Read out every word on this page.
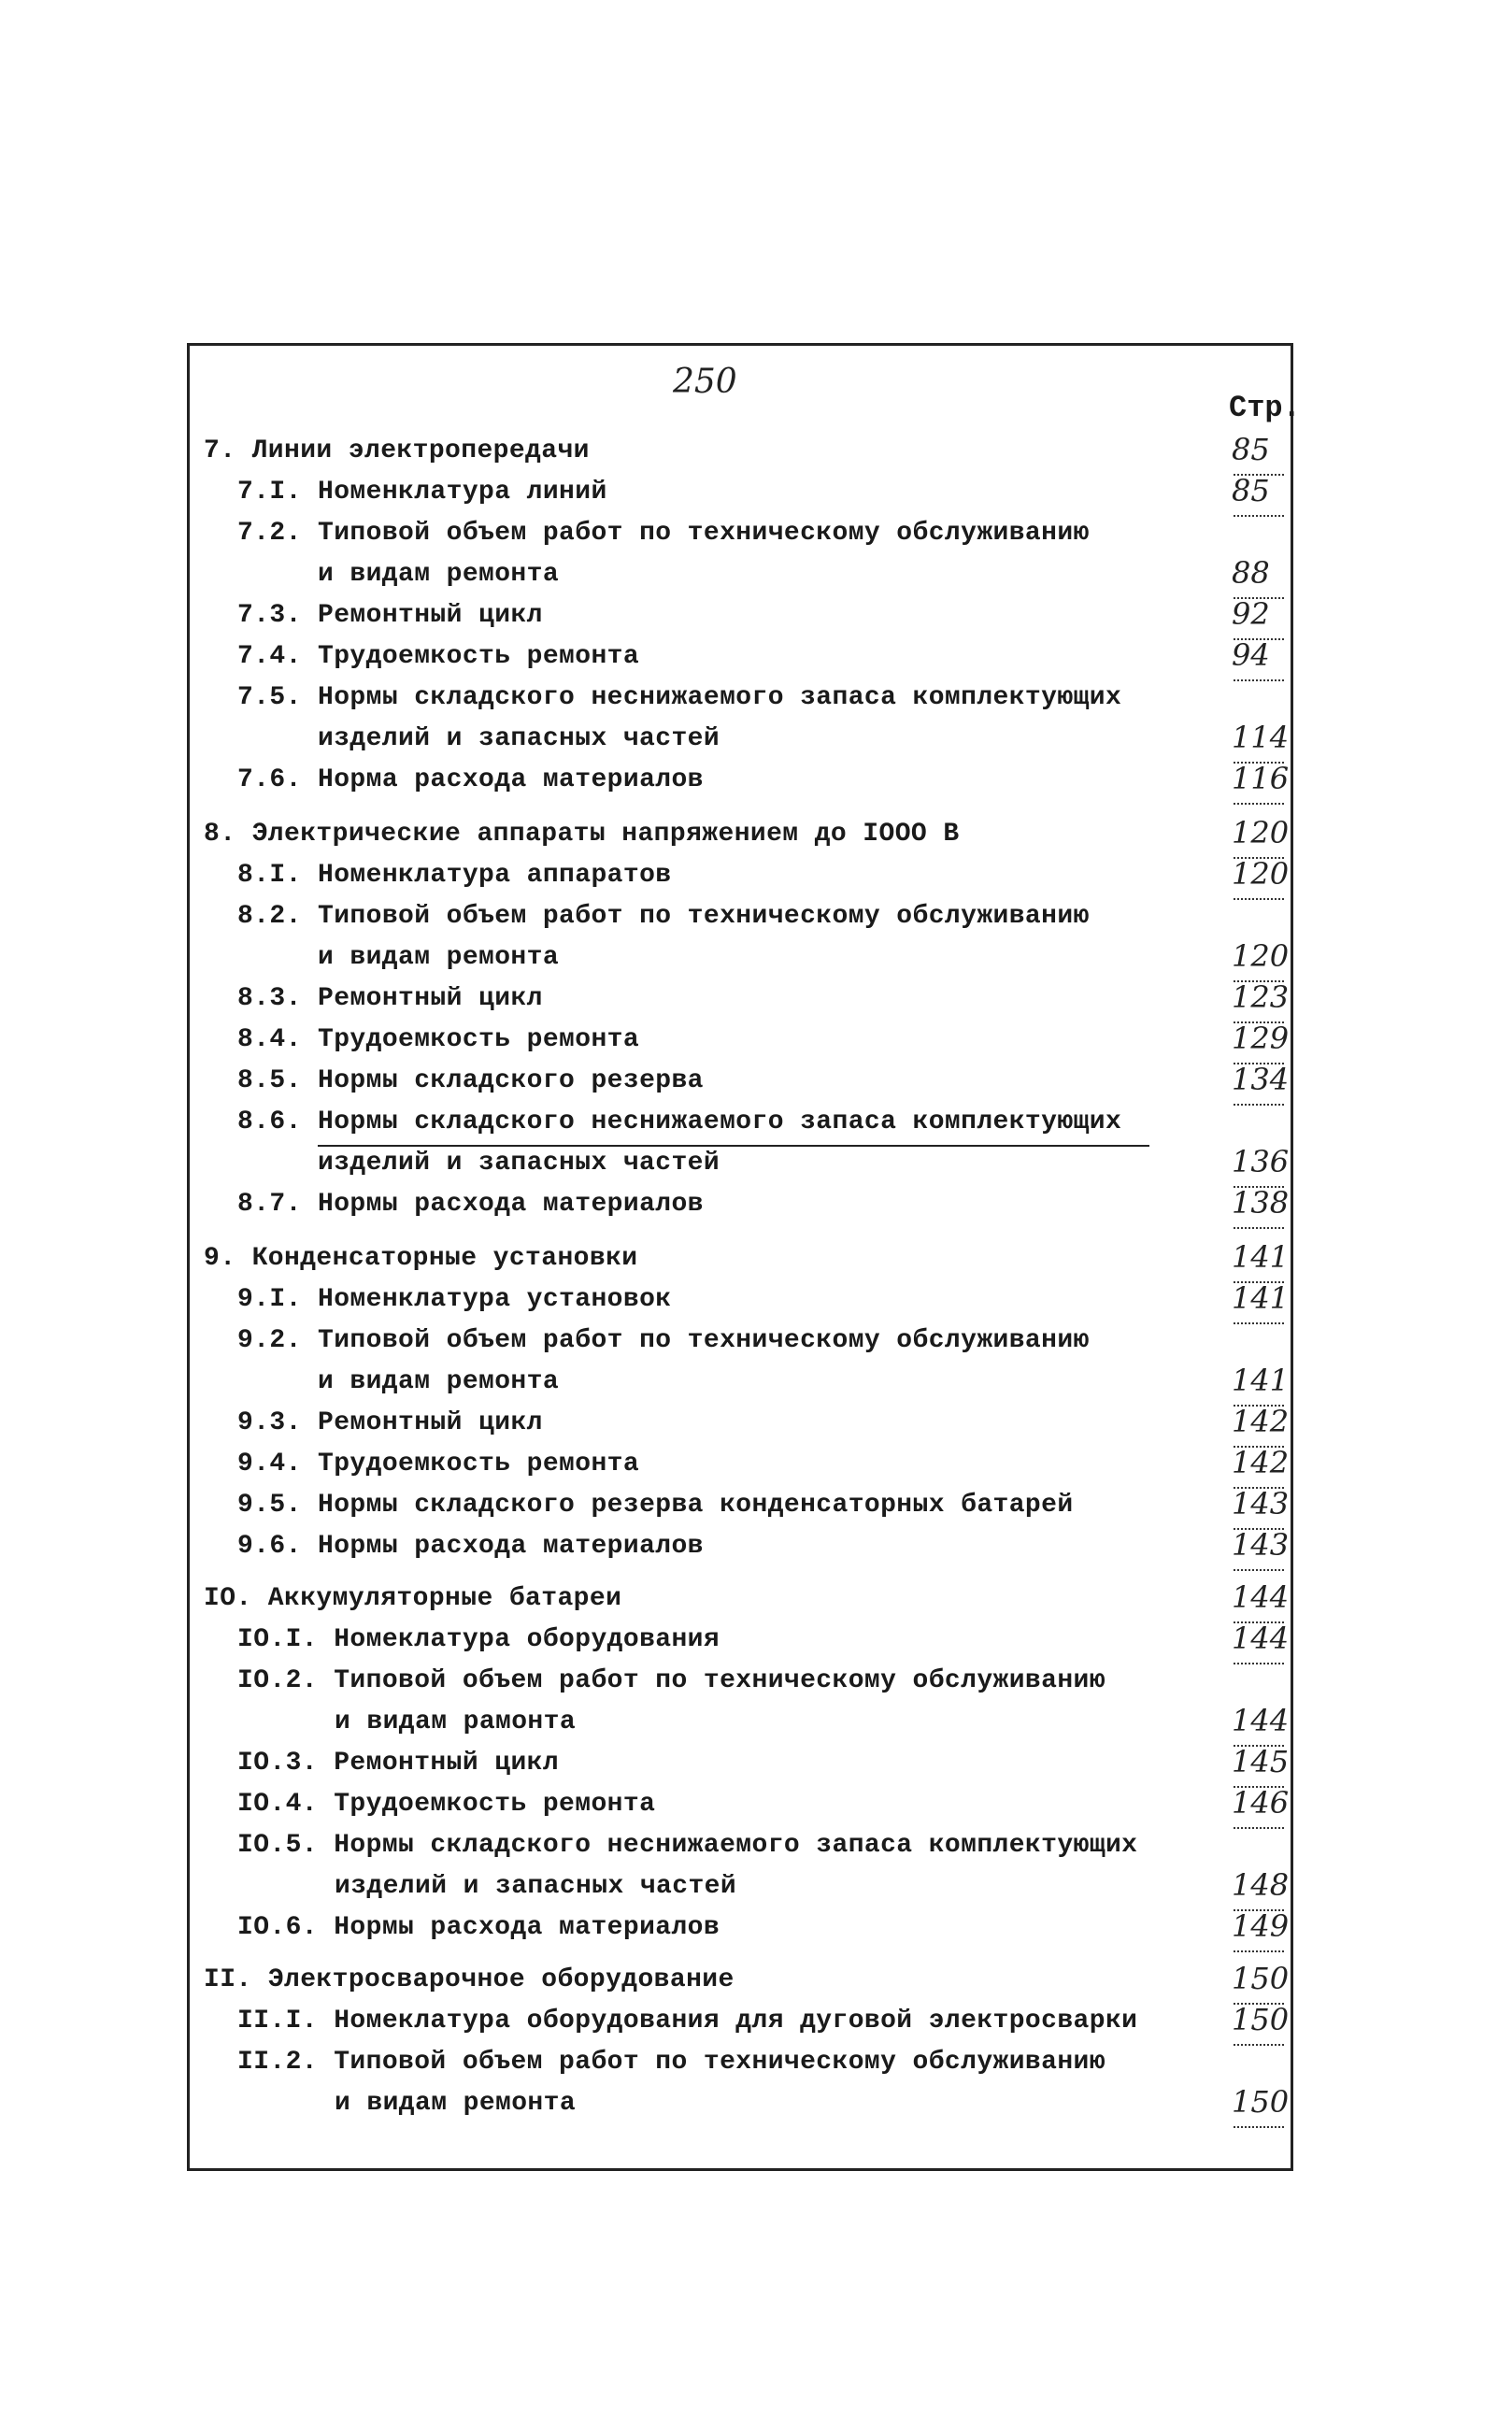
250
Стр.
7. Линии электропередачи	85
7.I. Номенклатура линий	85
7.2. Типовой объем работ по техническому обслуживанию
и видам ремонта	88
7.3. Ремонтный цикл	92
7.4. Трудоемкость ремонта	94
7.5. Нормы складского неснижаемого запаса комплектующих
изделий и запасных частей	114
7.6. Норма расхода материалов	116
8. Электрические аппараты напряжением до IOOO В	120
8.I. Номенклатура аппаратов	120
8.2. Типовой объем работ по техническому обслуживанию
и видам ремонта	120
8.3. Ремонтный цикл	123
8.4. Трудоемкость ремонта	129
8.5. Нормы складского резерва	134
8.6. Нормы складского неснижаемого запаса комплектующих
изделий и запасных частей	136
8.7. Нормы расхода материалов	138
9. Конденсаторные установки	141
9.I. Номенклатура установок	141
9.2. Типовой объем работ по техническому обслуживанию
и видам ремонта	141
9.3. Ремонтный цикл	142
9.4. Трудоемкость ремонта	142
9.5. Нормы складского резерва конденсаторных батарей	143
9.6. Нормы расхода материалов	143
IO. Аккумуляторные батареи	144
IO.I. Номеклатура оборудования	144
IO.2. Типовой объем работ по техническому обслуживанию
и видам рамонта	144
IO.3. Ремонтный цикл	145
IO.4. Трудоемкость ремонта	146
IO.5. Нормы складского неснижаемого запаса комплектующих
изделий и запасных частей	148
IO.6. Нормы расхода материалов	149
II. Электросварочное оборудование	150
II.I. Номеклатура оборудования для дуговой электросварки	150
II.2. Типовой объем работ по техническому обслуживанию
и видам ремонта	150
